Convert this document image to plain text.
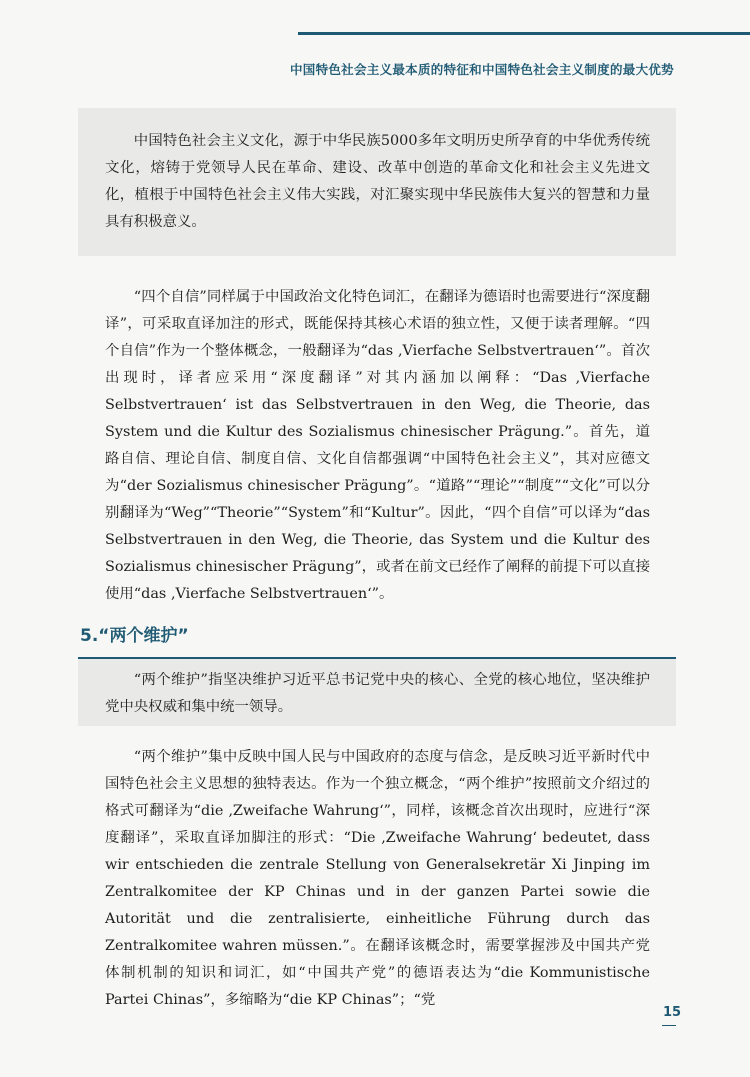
中国特色社会主义最本质的特征和中国特色社会主义制度的最大优势

中国特色社会主义文化，源于中华民族5000多年文明历史所孕育的中华优秀传统文化，熔铸于党领导人民在革命、建设、改革中创造的革命文化和社会主义先进文化，植根于中国特色社会主义伟大实践，对汇聚实现中华民族伟大复兴的智慧和力量具有积极意义。

“四个自信”同样属于中国政治文化特色词汇，在翻译为德语时也需要进行“深度翻译”，可采取直译加注的形式，既能保持其核心术语的独立性，又便于读者理解。“四个自信”作为一个整体概念，一般翻译为“das ‚Vierfache Selbstvertrauen‘”。首次出现时，译者应采用“深度翻译”对其内涵加以阐释：“Das ‚Vierfache Selbstvertrauen‘ ist das Selbstvertrauen in den Weg, die Theorie, das System und die Kultur des Sozialismus chinesischer Prägung.”。首先，道路自信、理论自信、制度自信、文化自信都强调“中国特色社会主义”，其对应德文为“der Sozialismus chinesischer Prägung”。“道路”“理论”“制度”“文化”可以分别翻译为“Weg”“Theorie”“System”和“Kultur”。因此，“四个自信”可以译为“das Selbstvertrauen in den Weg, die Theorie, das System und die Kultur des Sozialismus chinesischer Prägung”，或者在前文已经作了阐释的前提下可以直接使用“das ‚Vierfache Selbstvertrauen‘”。

5.“两个维护”

“两个维护”指坚决维护习近平总书记党中央的核心、全党的核心地位，坚决维护党中央权威和集中统一领导。

“两个维护”集中反映中国人民与中国政府的态度与信念，是反映习近平新时代中国特色社会主义思想的独特表达。作为一个独立概念，“两个维护”按照前文介绍过的格式可翻译为“die ‚Zweifache Wahrung‘”，同样，该概念首次出现时，应进行“深度翻译”，采取直译加脚注的形式：“Die ‚Zweifache Wahrung‘ bedeutet, dass wir entschieden die zentrale Stellung von Generalsekretär Xi Jinping im Zentralkomitee der KP Chinas und in der ganzen Partei sowie die Autorität und die zentralisierte, einheitliche Führung durch das Zentralkomitee wahren müssen.”。在翻译该概念时，需要掌握涉及中国共产党体制机制的知识和词汇，如“中国共产党”的德语表达为“die Kommunistische Partei Chinas”，多缩略为“die KP Chinas”；“党

15
